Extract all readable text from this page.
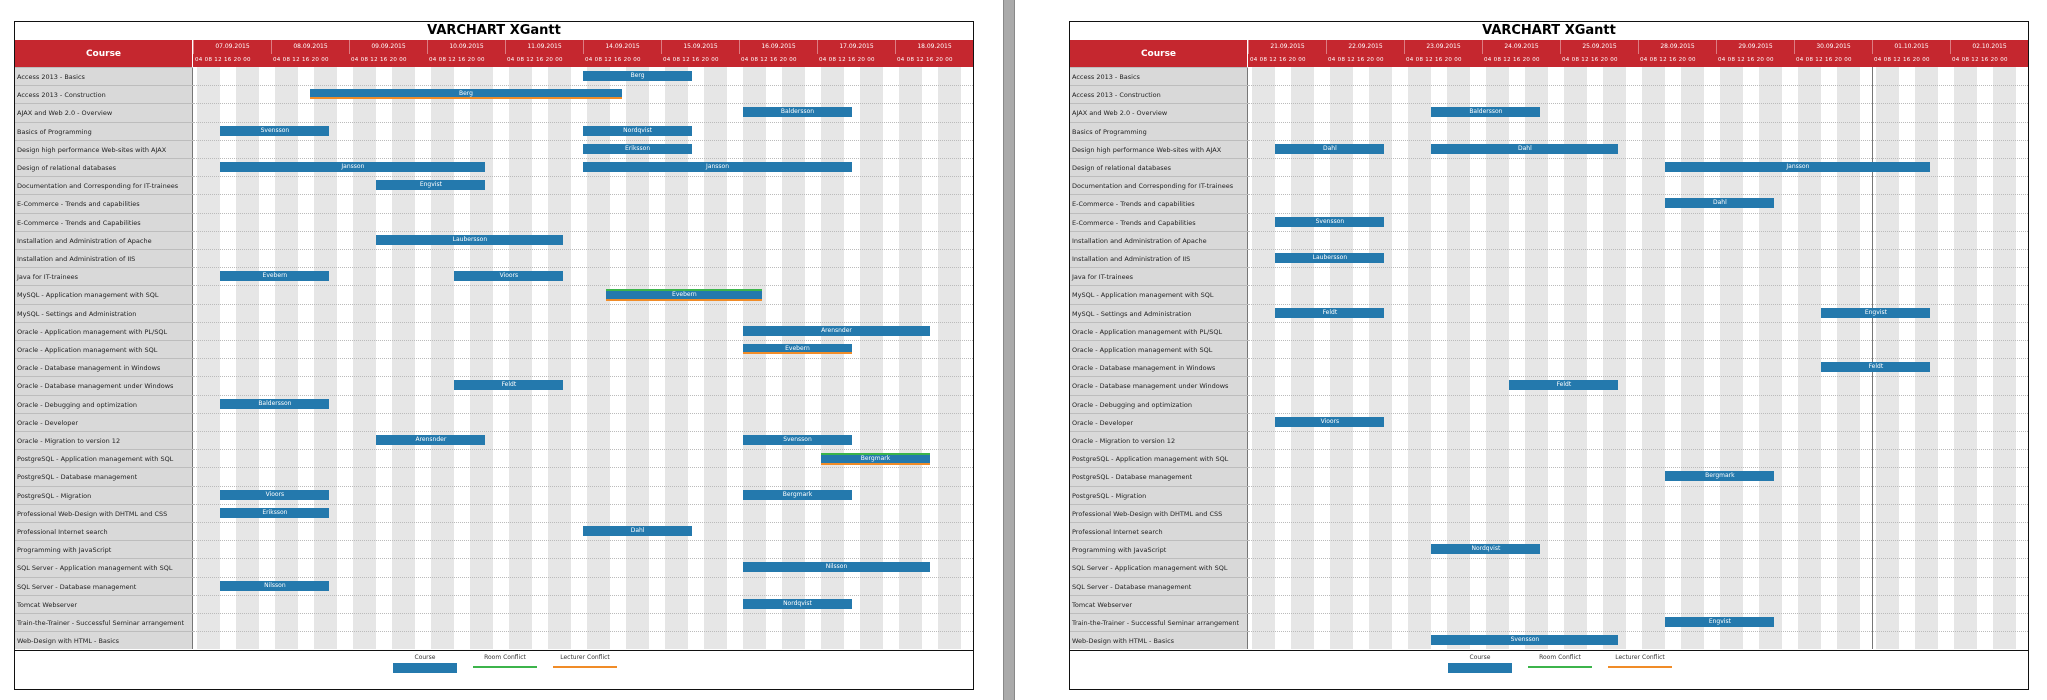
VARCHART XGantt
Course
Access 2013 - Basics
Access 2013 - Construction
AJAX and Web 2.0 - Overview
Basics of Programming
Design high performance Web-sites with AJAX
Design of relational databases
Documentation and Corresponding for IT-trainees
E-Commerce - Trends and capabilities
E-Commerce - Trends and Capabilities
Installation and Administration of Apache
Installation and Administration of IIS
Java for IT-trainees
MySQL - Application management with SQL
MySQL - Settings and Administration
Oracle - Application management with PL/SQL
Oracle - Application management with SQL
Oracle - Database management in Windows
Oracle - Database management under Windows
Oracle - Debugging and optimization
Oracle - Developer
Oracle - Migration to version 12
PostgreSQL - Application management with SQL
PostgreSQL - Database management
PostgreSQL - Migration
Professional Web-Design with DHTML and CSS
Professional Internet search
Programming with JavaScript
SQL Server - Application management with SQL
SQL Server - Database management
Tomcat Webserver
Train-the-Trainer - Successful Seminar arrangement
Web-Design with HTML - Basics
Berg
Berg
Baldersson
Svensson	Nordqvist
Eriksson
Jansson	Jansson
Engvist
Laubersson
Evebern	Vioors
Evebern
Arensnder
Evebern
Feldt
Baldersson
Arensnder	Svensson
Bergmark
Vioors	Bergmark
Eriksson
Dahl
Nilsson
Nilsson
Nordqvist
Course	Room Conflict	Lecturer Conflict
07.09.2015
04 08 12 16 20 00
08.09.2015
04 08 12 16 20 00
09.09.2015
04 08 12 16 20 00
10.09.2015
04 08 12 16 20 00
11.09.2015
04 08 12 16 20 00
14.09.2015
04 08 12 16 20 00
15.09.2015
04 08 12 16 20 00
16.09.2015
04 08 12 16 20 00
17.09.2015
04 08 12 16 20 00
18.09.2015
04 08 12 16 20 00
VARCHART XGantt
Course
Access 2013 - Basics
Access 2013 - Construction
AJAX and Web 2.0 - Overview
Basics of Programming
Design high performance Web-sites with AJAX
Design of relational databases
Documentation and Corresponding for IT-trainees
E-Commerce - Trends and capabilities
E-Commerce - Trends and Capabilities
Installation and Administration of Apache
Installation and Administration of IIS
Java for IT-trainees
MySQL - Application management with SQL
MySQL - Settings and Administration
Oracle - Application management with PL/SQL
Oracle - Application management with SQL
Oracle - Database management in Windows
Oracle - Database management under Windows
Oracle - Debugging and optimization
Oracle - Developer
Oracle - Migration to version 12
PostgreSQL - Application management with SQL
PostgreSQL - Database management
PostgreSQL - Migration
Professional Web-Design with DHTML and CSS
Professional Internet search
Programming with JavaScript
SQL Server - Application management with SQL
SQL Server - Database management
Tomcat Webserver
Train-the-Trainer - Successful Seminar arrangement
Web-Design with HTML - Basics
Baldersson
Dahl	Dahl
Jansson
Dahl
Svensson
Laubersson
Feldt	Engvist
Feldt
Feldt
Vioors
Bergmark
Nordqvist
Engvist
Svensson
Course	Room Conflict	Lecturer Conflict
21.09.2015
04 08 12 16 20 00
22.09.2015
04 08 12 16 20 00
23.09.2015
04 08 12 16 20 00
24.09.2015
04 08 12 16 20 00
25.09.2015
04 08 12 16 20 00
28.09.2015
04 08 12 16 20 00
29.09.2015
04 08 12 16 20 00
30.09.2015
04 08 12 16 20 00
01.10.2015
04 08 12 16 20 00
02.10.2015
04 08 12 16 20 00
